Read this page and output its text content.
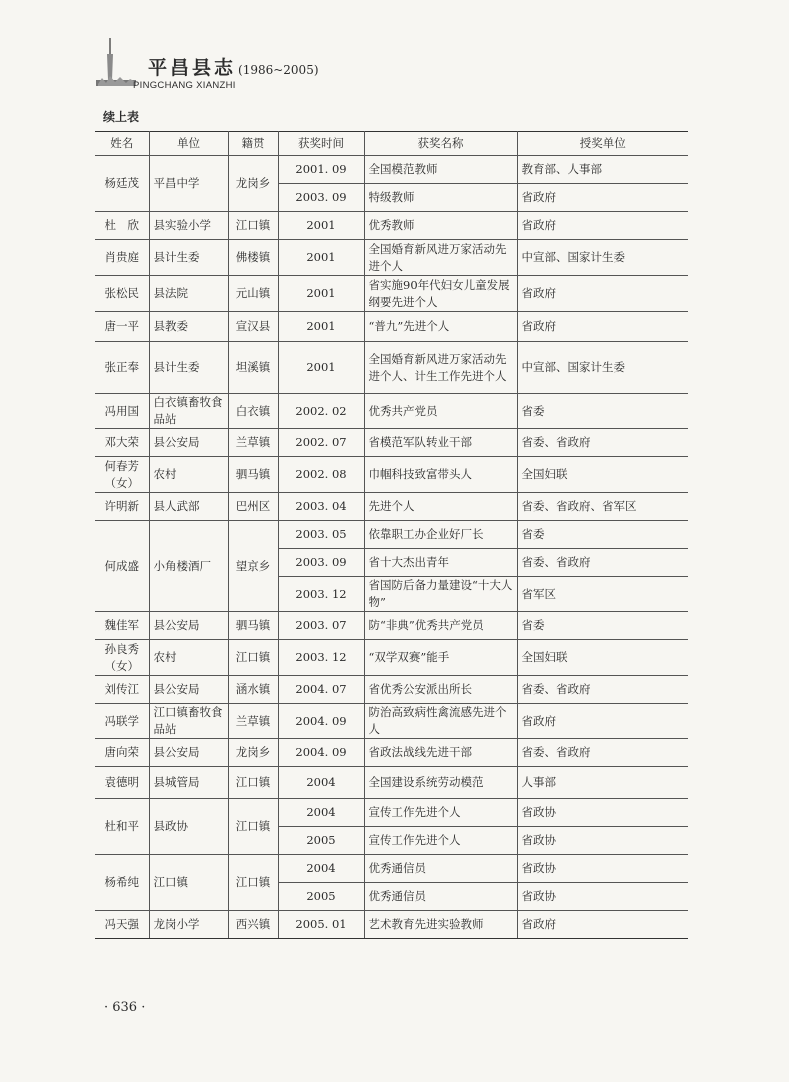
平昌县志 (1986~2005)
PINGCHANG XIANZHI
续上表
姓名	单位	籍贯	获奖时间	获奖名称	授奖单位
杨廷茂	平昌中学	龙岗乡	2001. 09	全国模范教师	教育部、人事部
			2003. 09	特级教师	省政府
杜　欣	县实验小学	江口镇	2001	优秀教师	省政府
肖贵庭	县计生委	佛楼镇	2001	全国婚育新风进万家活动先进个人	中宣部、国家计生委
张松民	县法院	元山镇	2001	省实施90年代妇女儿童发展纲要先进个人	省政府
唐一平	县教委	宣汉县	2001	“普九”先进个人	省政府
张正奉	县计生委	坦溪镇	2001	全国婚育新风进万家活动先进个人、计生工作先进个人	中宣部、国家计生委
冯用国	白衣镇畜牧食品站	白衣镇	2002. 02	优秀共产党员	省委
邓大荣	县公安局	兰草镇	2002. 07	省模范军队转业干部	省委、省政府
何春芳（女）	农村	驷马镇	2002. 08	巾帼科技致富带头人	全国妇联
许明新	县人武部	巴州区	2003. 04	先进个人	省委、省政府、省军区
何成盛	小角楼酒厂	望京乡	2003. 05	依靠职工办企业好厂长	省委
			2003. 09	省十大杰出青年	省委、省政府
			2003. 12	省国防后备力量建设“十大人物”	省军区
魏佳军	县公安局	驷马镇	2003. 07	防“非典”优秀共产党员	省委
孙良秀（女）	农村	江口镇	2003. 12	“双学双赛”能手	全国妇联
刘传江	县公安局	涵水镇	2004. 07	省优秀公安派出所长	省委、省政府
冯联学	江口镇畜牧食品站	兰草镇	2004. 09	防治高致病性禽流感先进个人	省政府
唐向荣	县公安局	龙岗乡	2004. 09	省政法战线先进干部	省委、省政府
袁德明	县城管局	江口镇	2004	全国建设系统劳动模范	人事部
杜和平	县政协	江口镇	2004	宣传工作先进个人	省政协
			2005	宣传工作先进个人	省政协
杨希纯	江口镇	江口镇	2004	优秀通信员	省政协
			2005	优秀通信员	省政协
冯天强	龙岗小学	西兴镇	2005. 01	艺术教育先进实验教师	省政府
· 636 ·
